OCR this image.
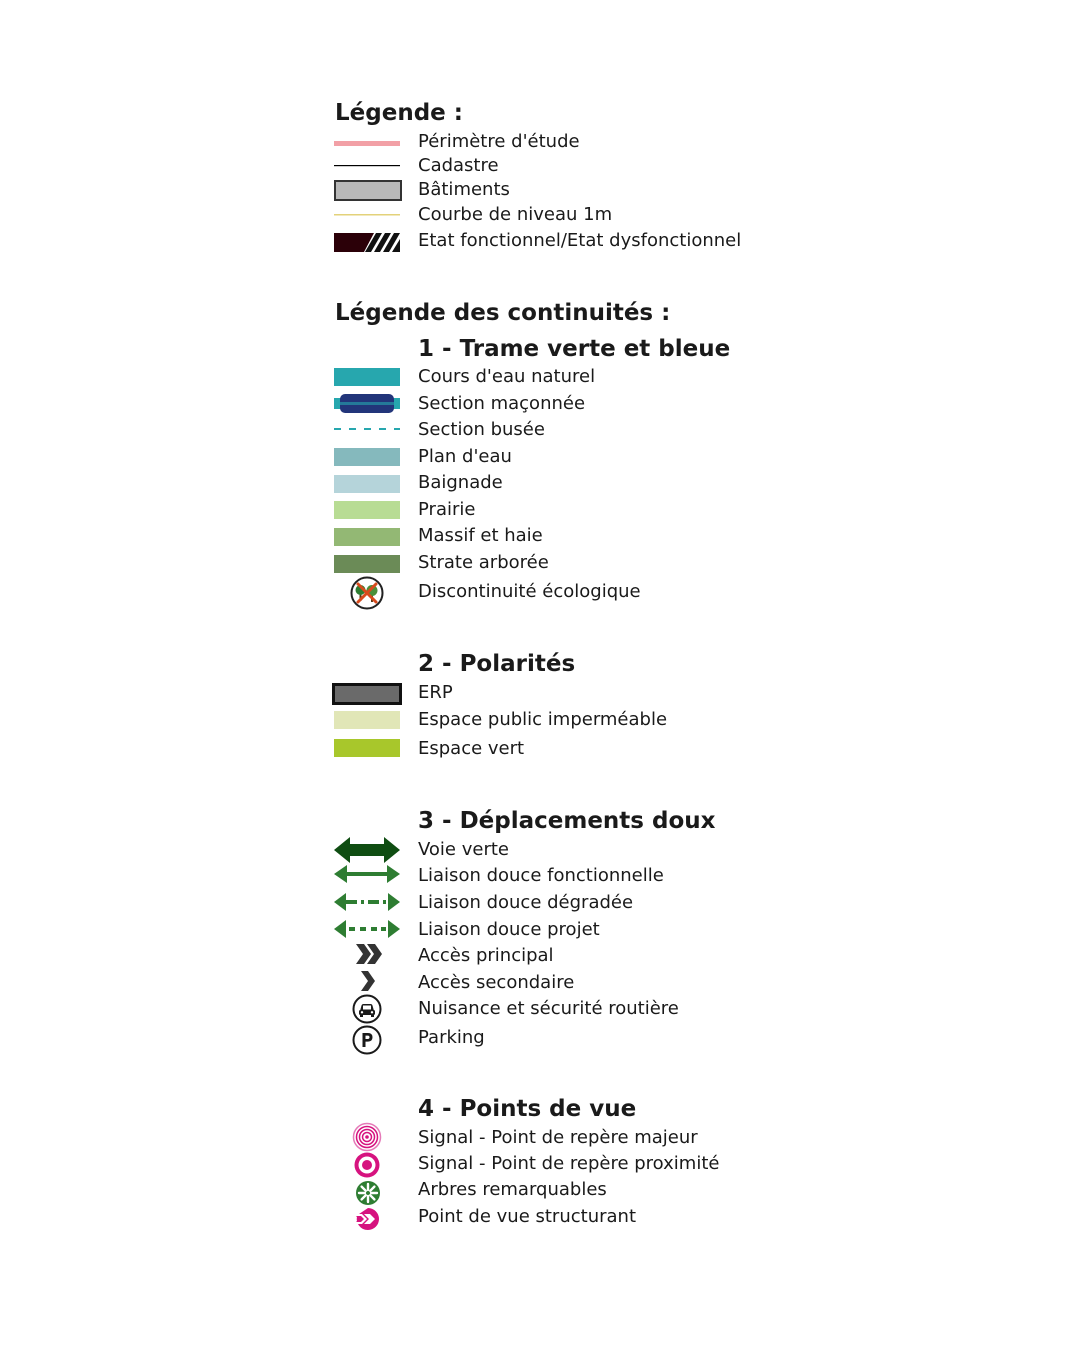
Légende :
Périmètre d'étude
Cadastre
Bâtiments
Courbe de niveau 1m
Etat fonctionnel/Etat dysfonctionnel
Légende des continuités :
1 - Trame verte et bleue
Cours d'eau naturel
Section maçonnée
Section busée
Plan d'eau
Baignade
Prairie
Massif et haie
Strate arborée
Discontinuité écologique
2 - Polarités
ERP
Espace public imperméable
Espace vert
3 - Déplacements doux
Voie verte
Liaison douce fonctionnelle
Liaison douce dégradée
Liaison douce projet
Accès principal
Accès secondaire
Nuisance et sécurité routière
Parking
4 - Points de vue
Signal - Point de repère majeur
Signal - Point de repère proximité
Arbres remarquables
Point de vue structurant
